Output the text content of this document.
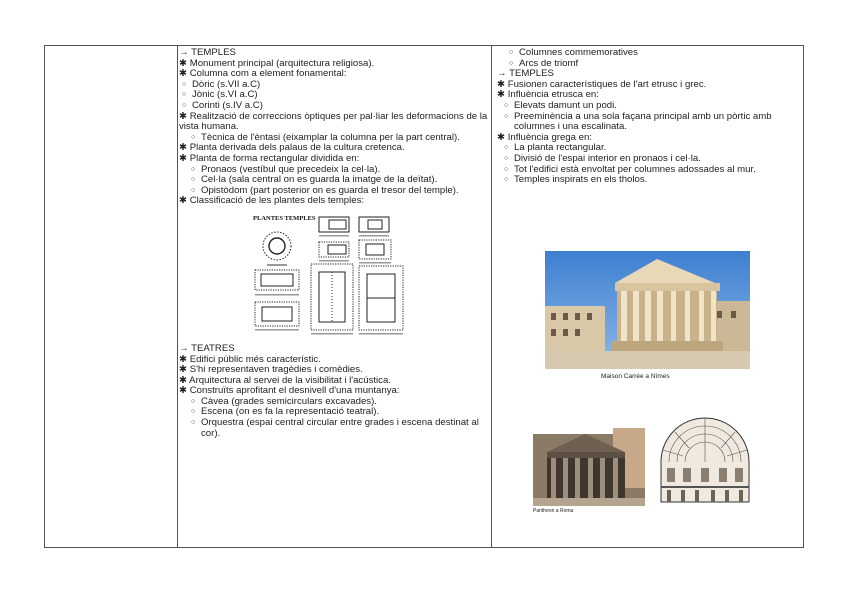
→ TEMPLES
✱ Monument principal (arquitectura religiosa).
✱ Columna com a element fonamental:
○ Dòric (s.VII a.C)
○ Jònic (s.VI a.C)
○ Corinti (s.IV a.C)
✱ Realització de correccions òptiques per pal·liar les deformacions de la vista humana.
○ Tècnica de l'èntasi (eixamplar la columna per la part central).
✱ Planta derivada dels palaus de la cultura cretenca.
✱ Planta de forma rectangular dividida en:
○ Pronaos (vestíbul que precedeix la cel·la).
○ Cel·la (sala central on es guarda la imatge de la deïtat).
○ Opistòdom (part posterior on es guarda el tresor del temple).
✱ Classificació de les plantes dels temples:
PLANTES TEMPLES
→ TEATRES
✱ Edifici públic més característic.
✱ S'hi representaven tragèdies i comèdies.
✱ Arquitectura al servei de la visibilitat i l'acústica.
✱ Construïts aprofitant el desnivell d'una muntanya:
○ Càvea (grades semicirculars excavades).
○ Escena (on es fa la representació teatral).
○ Orquestra (espai central circular entre grades i escena destinat al cor).
○ Columnes commemoratives
○ Arcs de triomf
→ TEMPLES
✱ Fusionen característiques de l'art etrusc i grec.
✱ Influència etrusca en:
○ Elevats damunt un podi.
○ Preeminència a una sola façana principal amb un pòrtic amb columnes i una escalinata.
✱ Influència grega en:
○ La planta rectangular.
○ Divisió de l'espai interior en pronaos i cel·la.
○ Tot l'edifici està envoltat per columnes adossades al mur.
○ Temples inspirats en els tholos.
Maison Carrée a Nîmes
Pantheon a Roma
